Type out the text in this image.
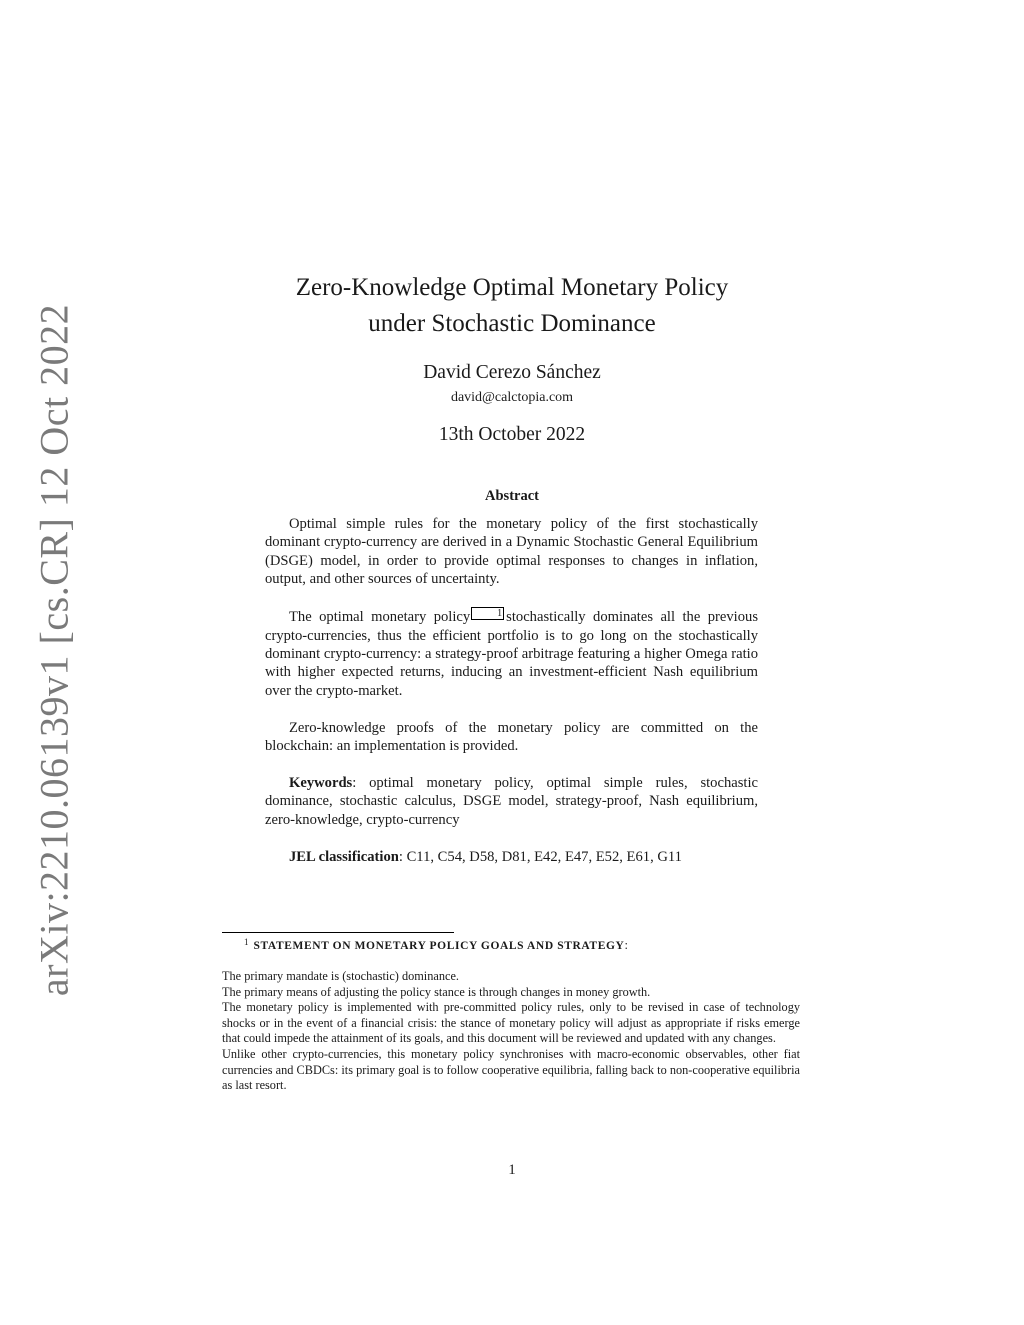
arXiv:2210.06139v1 [cs.CR] 12 Oct 2022
Zero-Knowledge Optimal Monetary Policy
under Stochastic Dominance
David Cerezo Sánchez
david@calctopia.com
13th October 2022
Abstract

Optimal simple rules for the monetary policy of the first stochastically dominant crypto-currency are derived in a Dynamic Stochastic General Equilibrium (DSGE) model, in order to provide optimal responses to changes in inflation, output, and other sources of uncertainty.

The optimal monetary policy	1 stochastically dominates all the previous crypto-currencies, thus the efficient portfolio is to go long on the stochastically dominant crypto-currency: a strategy-proof arbitrage featuring a higher Omega ratio with higher expected returns, inducing an investment-efficient Nash equilibrium over the crypto-market.

Zero-knowledge proofs of the monetary policy are committed on the blockchain: an implementation is provided.

Keywords: optimal monetary policy, optimal simple rules, stochastic dominance, stochastic calculus, DSGE model, strategy-proof, Nash equilibrium, zero-knowledge, crypto-currency

JEL classification: C11, C54, D58, D81, E42, E47, E52, E61, G11

$^1$ STATEMENT ON MONETARY POLICY GOALS AND STRATEGY:

The primary mandate is (stochastic) dominance.

The primary means of adjusting the policy stance is through changes in money growth.

The monetary policy is implemented with pre-committed policy rules, only to be revised in case of technology shocks or in the event of a financial crisis: the stance of monetary policy will adjust as appropriate if risks emerge that could impede the attainment of its goals, and this document will be reviewed and updated with any changes.

Unlike other crypto-currencies, this monetary policy synchronises with macro-economic observables, other fiat currencies and CBDCs: its primary goal is to follow cooperative equilibria, falling back to non-cooperative equilibria as last resort.

1
